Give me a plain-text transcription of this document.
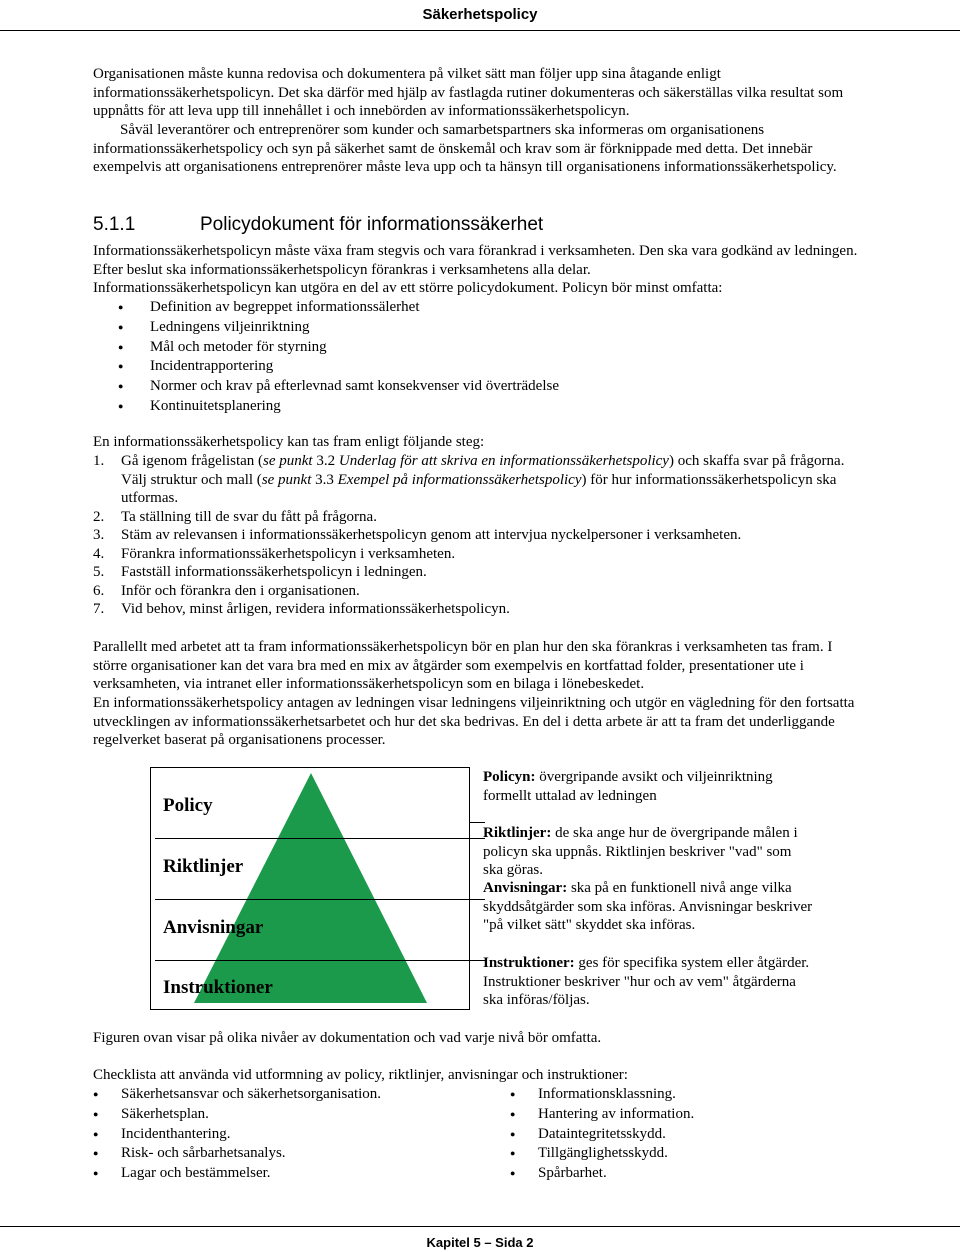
Säkerhetspolicy

Organisationen måste kunna redovisa och dokumentera på vilket sätt man följer upp sina åtagande enligt informationssäkerhetspolicyn. Det ska därför med hjälp av fastlagda rutiner dokumenteras och säkerställas vilka resultat som uppnåtts för att leva upp till innehållet i och innebörden av informationssäkerhetspolicyn.

Såväl leverantörer och entreprenörer som kunder och samarbetspartners ska informeras om organisationens informationssäkerhetspolicy och syn på säkerhet samt de önskemål och krav som är förknippade med detta. Det innebär exempelvis att organisationens entreprenörer måste leva upp och ta hänsyn till organisationens informationssäkerhetspolicy.

5.1.1	Policydokument för informationssäkerhet

Informationssäkerhetspolicyn måste växa fram stegvis och vara förankrad i verksamheten. Den ska vara godkänd av ledningen. Efter beslut ska informationssäkerhetspolicyn förankras i verksamhetens alla delar.

Informationssäkerhetspolicyn kan utgöra en del av ett större policydokument. Policyn bör minst omfatta:

● Definition av begreppet informationssälerhet
● Ledningens viljeinriktning
● Mål och metoder för styrning
● Incidentrapportering
● Normer och krav på efterlevnad samt konsekvenser vid överträdelse
● Kontinuitetsplanering

En informationssäkerhetspolicy kan tas fram enligt följande steg:

1. Gå igenom frågelistan (se punkt 3.2 Underlag för att skriva en informationssäkerhetspolicy) och skaffa svar på frågorna. Välj struktur och mall (se punkt 3.3 Exempel på informationssäkerhetspolicy) för hur informationssäkerhetspolicyn ska utformas.
2. Ta ställning till de svar du fått på frågorna.
3. Stäm av relevansen i informationssäkerhetspolicyn genom att intervjua nyckelpersoner i verksamheten.
4. Förankra informationssäkerhetspolicyn i verksamheten.
5. Fastställ informationssäkerhetspolicyn i ledningen.
6. Inför och förankra den i organisationen.
7. Vid behov, minst årligen, revidera informationssäkerhetspolicyn.

Parallellt med arbetet att ta fram informationssäkerhetspolicyn bör en plan hur den ska förankras i verksamheten tas fram. I större organisationer kan det vara bra med en mix av åtgärder som exempelvis en kortfattad folder, presentationer ute i verksamheten, via intranet eller informationssäkerhetspolicyn som en bilaga i lönebeskedet.

En informationssäkerhetspolicy antagen av ledningen visar ledningens viljeinriktning och utgör en vägledning för den fortsatta utvecklingen av informationssäkerhetsarbetet och hur det ska bedrivas. En del i detta arbete är att ta fram det underliggande regelverket baserat på organisationens processer.

Policy
Riktlinjer
Anvisningar
Instruktioner

Policyn: övergripande avsikt och viljeinriktning formellt uttalad av ledningen

Riktlinjer: de ska ange hur de övergripande målen i policyn ska uppnås. Riktlinjen beskriver "vad" som ska göras.

Anvisningar: ska på en funktionell nivå ange vilka skyddsåtgärder som ska införas. Anvisningar beskriver "på vilket sätt" skyddet ska införas.

Instruktioner: ges för specifika system eller åtgärder. Instruktioner beskriver "hur och av vem" åtgärderna ska införas/följas.

Figuren ovan visar på olika nivåer av dokumentation och vad varje nivå bör omfatta.

Checklista att använda vid utformning av policy, riktlinjer, anvisningar och instruktioner:

● Säkerhetsansvar och säkerhetsorganisation.
● Säkerhetsplan.
● Incidenthantering.
● Risk- och sårbarhetsanalys.
● Lagar och bestämmelser.
● Informationsklassning.
● Hantering av information.
● Dataintegritetsskydd.
● Tillgänglighetsskydd.
● Spårbarhet.
Kapitel 5 – Sida 2
